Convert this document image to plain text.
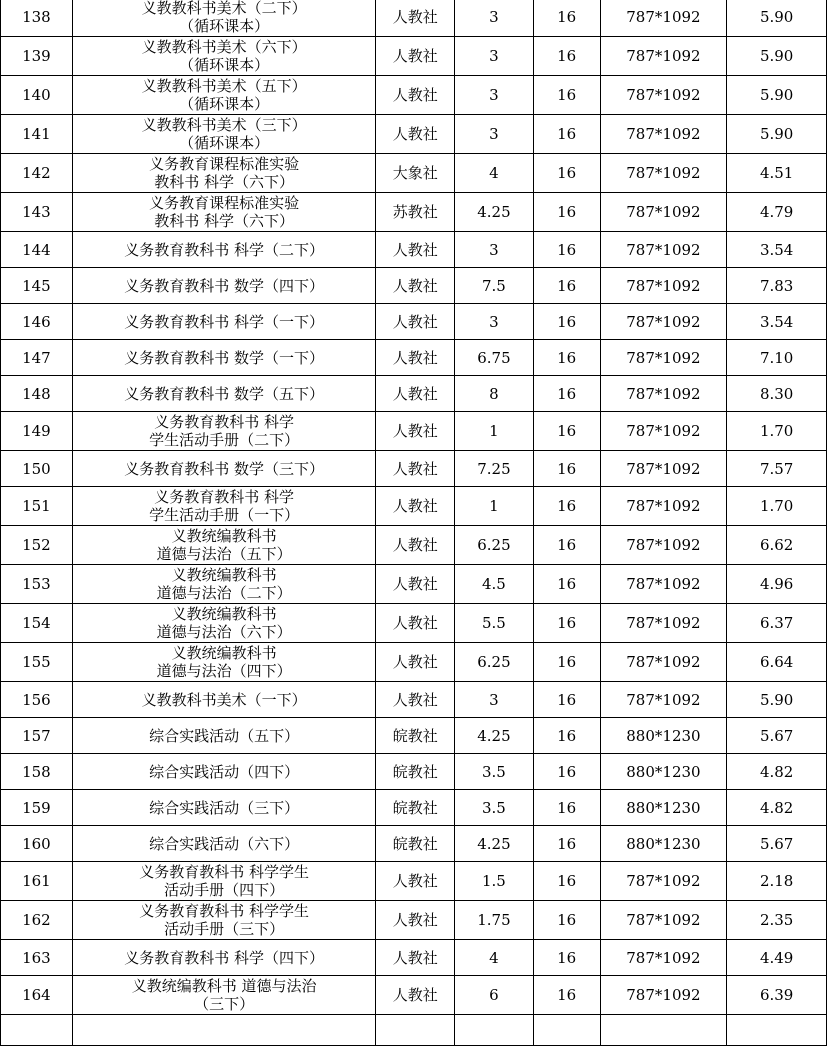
138	义教教科书美术（二下）
（循环课本）	人教社	3	16	787*1092	5.90
139	义教教科书美术（六下）
（循环课本）	人教社	3	16	787*1092	5.90
140	义教教科书美术（五下）
（循环课本）	人教社	3	16	787*1092	5.90
141	义教教科书美术（三下）
（循环课本）	人教社	3	16	787*1092	5.90
142	义务教育课程标准实验
教科书 科学（六下）	大象社	4	16	787*1092	4.51
143	义务教育课程标准实验
教科书 科学（六下）	苏教社	4.25	16	787*1092	4.79
144	义务教育教科书 科学（二下）	人教社	3	16	787*1092	3.54
145	义务教育教科书 数学（四下）	人教社	7.5	16	787*1092	7.83
146	义务教育教科书 科学（一下）	人教社	3	16	787*1092	3.54
147	义务教育教科书 数学（一下）	人教社	6.75	16	787*1092	7.10
148	义务教育教科书 数学（五下）	人教社	8	16	787*1092	8.30
149	义务教育教科书 科学
学生活动手册（二下）	人教社	1	16	787*1092	1.70
150	义务教育教科书 数学（三下）	人教社	7.25	16	787*1092	7.57
151	义务教育教科书 科学
学生活动手册（一下）	人教社	1	16	787*1092	1.70
152	义教统编教科书
道德与法治（五下）	人教社	6.25	16	787*1092	6.62
153	义教统编教科书
道德与法治（二下）	人教社	4.5	16	787*1092	4.96
154	义教统编教科书
道德与法治（六下）	人教社	5.5	16	787*1092	6.37
155	义教统编教科书
道德与法治（四下）	人教社	6.25	16	787*1092	6.64
156	义教教科书美术（一下）	人教社	3	16	787*1092	5.90
157	综合实践活动（五下）	皖教社	4.25	16	880*1230	5.67
158	综合实践活动（四下）	皖教社	3.5	16	880*1230	4.82
159	综合实践活动（三下）	皖教社	3.5	16	880*1230	4.82
160	综合实践活动（六下）	皖教社	4.25	16	880*1230	5.67
161	义务教育教科书 科学学生
活动手册（四下）	人教社	1.5	16	787*1092	2.18
162	义务教育教科书 科学学生
活动手册（三下）	人教社	1.75	16	787*1092	2.35
163	义务教育教科书 科学（四下）	人教社	4	16	787*1092	4.49
164	义教统编教科书 道德与法治
（三下）	人教社	6	16	787*1092	6.39
